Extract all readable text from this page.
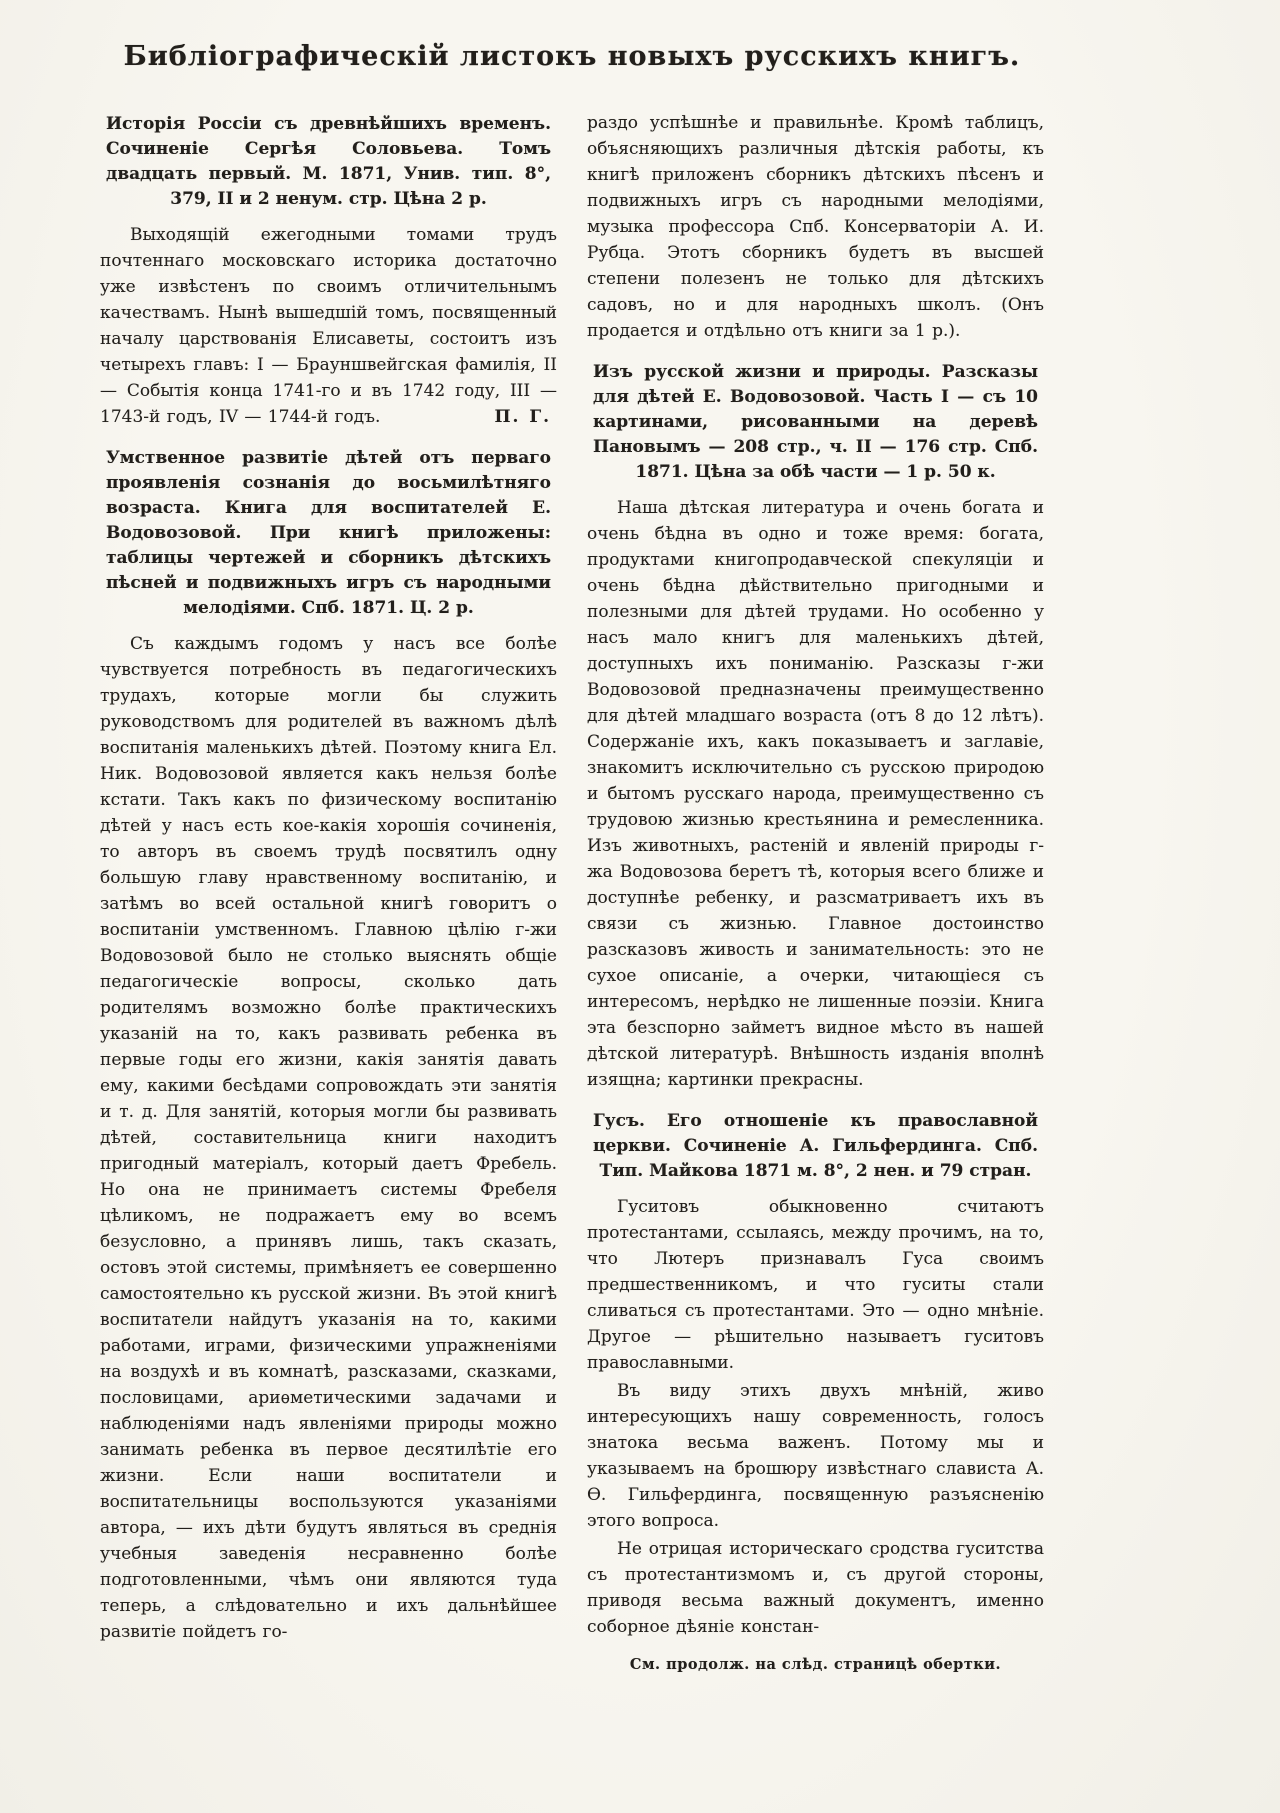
Библіографическій листокъ новыхъ русскихъ книгъ.
Исторія Россіи съ древнѣйшихъ временъ. Сочиненіе Сергѣя Соловьева. Томъ двадцать первый. М. 1871, Унив. тип. 8°, 379, II и 2 ненум. стр. Цѣна 2 р.
Выходящій ежегодными томами трудъ почтеннаго московскаго историка достаточно уже извѣстенъ по своимъ отличительнымъ качествамъ. Нынѣ вышедшій томъ, посвященный началу царствованія Елисаветы, состоитъ изъ четырехъ главъ: I — Брауншвейгская фамилія, II — Событія конца 1741-го и въ 1742 году, III — 1743-й годъ, IV — 1744-й годъ.	П. Г.
Умственное развитіе дѣтей отъ перваго проявленія сознанія до восьмилѣтняго возраста. Книга для воспитателей Е. Водовозовой. При книгѣ приложены: таблицы чертежей и сборникъ дѣтскихъ пѣсней и подвижныхъ игръ съ народными мелодіями. Спб. 1871. Ц. 2 р.
Съ каждымъ годомъ у насъ все болѣе чувствуется потребность въ педагогическихъ трудахъ, которые могли бы служить руководствомъ для родителей въ важномъ дѣлѣ воспитанія маленькихъ дѣтей. Поэтому книга Ел. Ник. Водовозовой является какъ нельзя болѣе кстати. Такъ какъ по физическому воспитанію дѣтей у насъ есть кое-какія хорошія сочиненія, то авторъ въ своемъ трудѣ посвятилъ одну большую главу нравственному воспитанію, и затѣмъ во всей остальной книгѣ говоритъ о воспитаніи умственномъ. Главною цѣлію г-жи Водовозовой было не столько выяснять общіе педагогическіе вопросы, сколько дать родителямъ возможно болѣе практическихъ указаній на то, какъ развивать ребенка въ первые годы его жизни, какія занятія давать ему, какими бесѣдами сопровождать эти занятія и т. д. Для занятій, которыя могли бы развивать дѣтей, составительница книги находитъ пригодный матеріалъ, который даетъ Фребель. Но она не принимаетъ системы Фребеля цѣликомъ, не подражаетъ ему во всемъ безусловно, а принявъ лишь, такъ сказать, остовъ этой системы, примѣняетъ ее совершенно самостоятельно къ русской жизни. Въ этой книгѣ воспитатели найдутъ указанія на то, какими работами, играми, физическими упражненіями на воздухѣ и въ комнатѣ, разсказами, сказками, пословицами, ариѳметическими задачами и наблюденіями надъ явленіями природы можно занимать ребенка въ первое десятилѣтіе его жизни. Если наши воспитатели и воспитательницы воспользуются указаніями автора, — ихъ дѣти будутъ являться въ среднія учебныя заведенія несравненно болѣе подготовленными, чѣмъ они являются туда теперь, а слѣдовательно и ихъ дальнѣйшее развитіе пойдетъ го-
раздо успѣшнѣе и правильнѣе. Кромѣ таблицъ, объясняющихъ различныя дѣтскія работы, къ книгѣ приложенъ сборникъ дѣтскихъ пѣсенъ и подвижныхъ игръ съ народными мелодіями, музыка профессора Спб. Консерваторіи А. И. Рубца. Этотъ сборникъ будетъ въ высшей степени полезенъ не только для дѣтскихъ садовъ, но и для народныхъ школъ. (Онъ продается и отдѣльно отъ книги за 1 р.).
Изъ русской жизни и природы. Разсказы для дѣтей Е. Водовозовой. Часть I — съ 10 картинами, рисованными на деревѣ Пановымъ — 208 стр., ч. II — 176 стр. Спб. 1871. Цѣна за обѣ части — 1 р. 50 к.
Наша дѣтская литература и очень богата и очень бѣдна въ одно и тоже время: богата, продуктами книгопродавческой спекуляціи и очень бѣдна дѣйствительно пригодными и полезными для дѣтей трудами. Но особенно у насъ мало книгъ для маленькихъ дѣтей, доступныхъ ихъ пониманію. Разсказы г-жи Водовозовой предназначены преимущественно для дѣтей младшаго возраста (отъ 8 до 12 лѣтъ). Содержаніе ихъ, какъ показываетъ и заглавіе, знакомитъ исключительно съ русскою природою и бытомъ русскаго народа, преимущественно съ трудовою жизнью крестьянина и ремесленника. Изъ животныхъ, растеній и явленій природы г-жа Водовозова беретъ тѣ, которыя всего ближе и доступнѣе ребенку, и разсматриваетъ ихъ въ связи съ жизнью. Главное достоинство разсказовъ живость и занимательность: это не сухое описаніе, а очерки, читающіеся съ интересомъ, нерѣдко не лишенные поэзіи. Книга эта безспорно займетъ видное мѣсто въ нашей дѣтской литературѣ. Внѣшность изданія вполнѣ изящна; картинки прекрасны.
Гусъ. Его отношеніе къ православной церкви. Сочиненіе А. Гильфердинга. Спб. Тип. Майкова 1871 м. 8°, 2 нен. и 79 стран.
Гуситовъ обыкновенно считаютъ протестантами, ссылаясь, между прочимъ, на то, что Лютеръ признавалъ Гуса своимъ предшественникомъ, и что гуситы стали сливаться съ протестантами. Это — одно мнѣніе. Другое — рѣшительно называетъ гуситовъ православными.
Въ виду этихъ двухъ мнѣній, живо интересующихъ нашу современность, голосъ знатока весьма важенъ. Потому мы и указываемъ на брошюру извѣстнаго слависта А. Ѳ. Гильфердинга, посвященную разъясненію этого вопроса.
Не отрицая историческаго сродства гуситства съ протестантизмомъ и, съ другой стороны, приводя весьма важный документъ, именно соборное дѣяніе констан-
См. продолж. на слѣд. страницѣ обертки.
